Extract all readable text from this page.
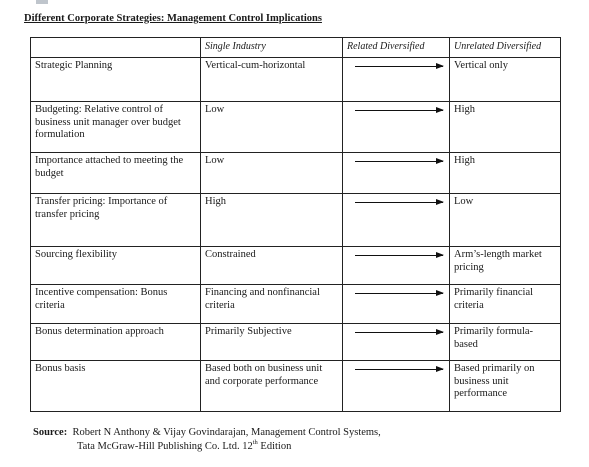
Different Corporate Strategies: Management Control Implications
	Single Industry	Related Diversified	Unrelated Diversified
Strategic Planning	Vertical-cum-horizontal		Vertical only
Budgeting: Relative control of business unit manager over budget formulation	Low		High
Importance attached to meeting the budget	Low		High
Transfer pricing: Importance of transfer pricing	High		Low
Sourcing flexibility	Constrained		Arm’s-length market pricing
Incentive compensation: Bonus criteria	Financing and nonfinancial criteria		Primarily financial criteria
Bonus determination approach	Primarily Subjective		Primarily formula-based
Bonus basis	Based both on business unit and corporate performance		Based primarily on business unit performance
Source: Robert N Anthony & Vijay Govindarajan, Management Control Systems,
Tata McGraw-Hill Publishing Co. Ltd. 12th Edition
